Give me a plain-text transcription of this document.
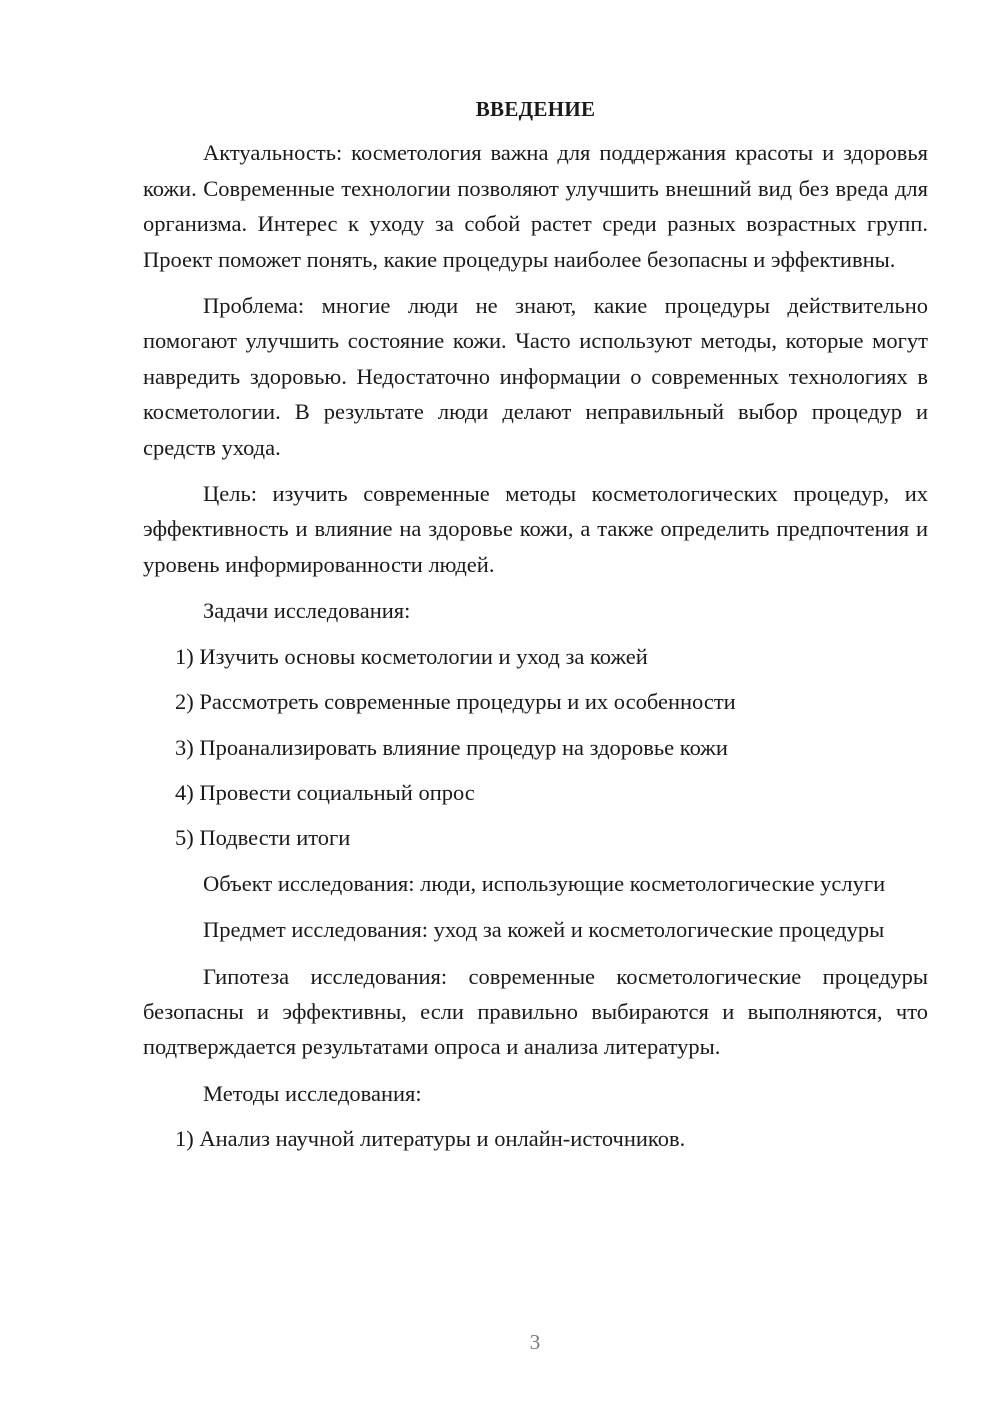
ВВЕДЕНИЕ

Актуальность: косметология важна для поддержания красоты и здоровья кожи. Современные технологии позволяют улучшить внешний вид без вреда для организма. Интерес к уходу за собой растет среди разных возрастных групп. Проект поможет понять, какие процедуры наиболее безопасны и эффективны.

Проблема: многие люди не знают, какие процедуры действительно помогают улучшить состояние кожи. Часто используют методы, которые могут навредить здоровью. Недостаточно информации о современных технологиях в косметологии. В результате люди делают неправильный выбор процедур и средств ухода.

Цель: изучить современные методы косметологических процедур, их эффективность и влияние на здоровье кожи, а также определить предпочтения и уровень информированности людей.

Задачи исследования:

1) Изучить основы косметологии и уход за кожей
2) Рассмотреть современные процедуры и их особенности
3) Проанализировать влияние процедур на здоровье кожи
4) Провести социальный опрос
5) Подвести итоги

Объект исследования: люди, использующие косметологические услуги

Предмет исследования: уход за кожей и косметологические процедуры

Гипотеза исследования: современные косметологические процедуры безопасны и эффективны, если правильно выбираются и выполняются, что подтверждается результатами опроса и анализа литературы.

Методы исследования:

1) Анализ научной литературы и онлайн-источников.
3
